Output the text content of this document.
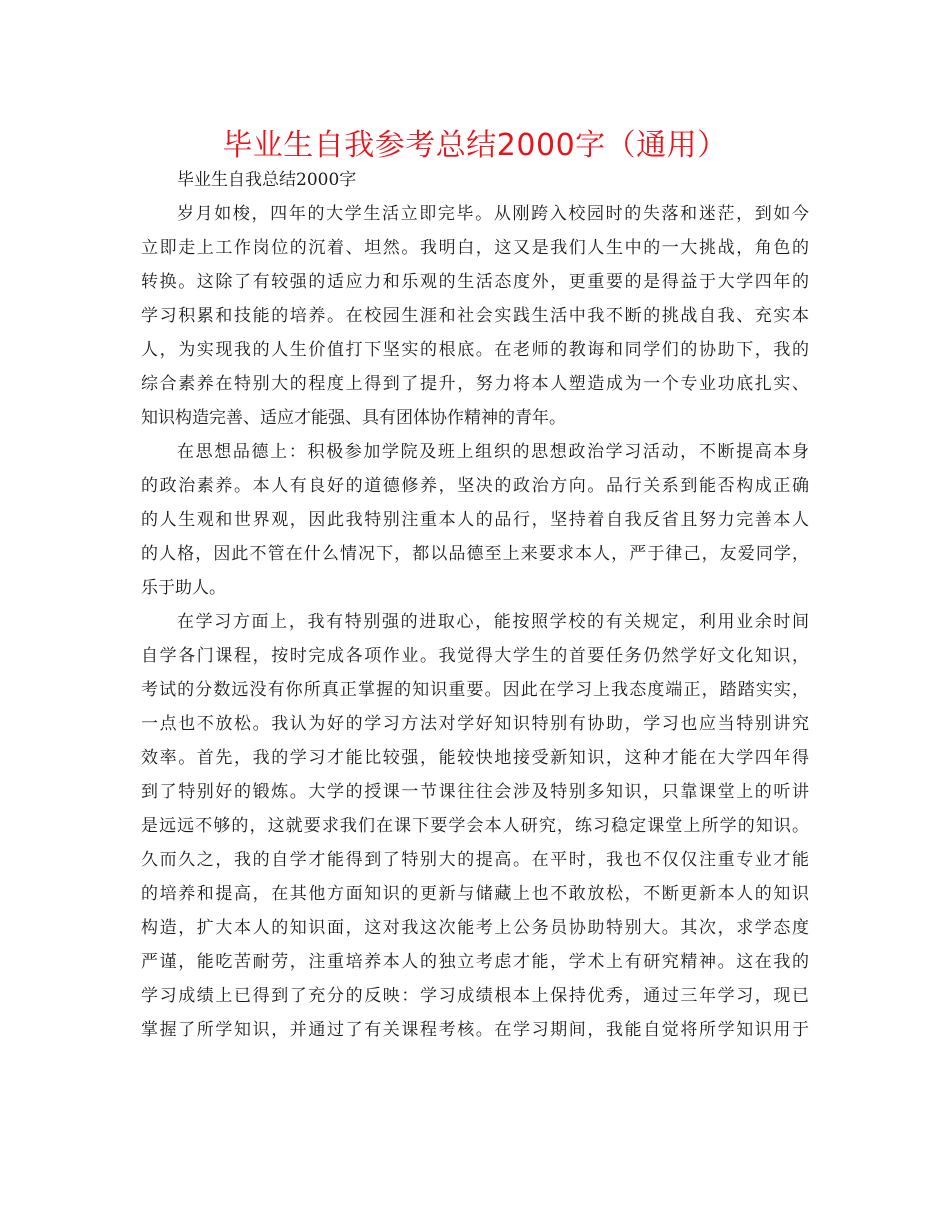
毕业生自我参考总结2000字（通用）
毕业生自我总结2000字
岁月如梭，四年的大学生活立即完毕。从刚跨入校园时的失落和迷茫，到如今
立即走上工作岗位的沉着、坦然。我明白，这又是我们人生中的一大挑战，角色的
转换。这除了有较强的适应力和乐观的生活态度外，更重要的是得益于大学四年的
学习积累和技能的培养。在校园生涯和社会实践生活中我不断的挑战自我、充实本
人，为实现我的人生价值打下坚实的根底。在老师的教诲和同学们的协助下，我的
综合素养在特别大的程度上得到了提升，努力将本人塑造成为一个专业功底扎实、
知识构造完善、适应才能强、具有团体协作精神的青年。
在思想品德上：积极参加学院及班上组织的思想政治学习活动，不断提高本身
的政治素养。本人有良好的道德修养，坚决的政治方向。品行关系到能否构成正确
的人生观和世界观，因此我特别注重本人的品行，坚持着自我反省且努力完善本人
的人格，因此不管在什么情况下，都以品德至上来要求本人，严于律己，友爱同学，
乐于助人。
在学习方面上，我有特别强的进取心，能按照学校的有关规定，利用业余时间
自学各门课程，按时完成各项作业。我觉得大学生的首要任务仍然学好文化知识，
考试的分数远没有你所真正掌握的知识重要。因此在学习上我态度端正，踏踏实实，
一点也不放松。我认为好的学习方法对学好知识特别有协助，学习也应当特别讲究
效率。首先，我的学习才能比较强，能较快地接受新知识，这种才能在大学四年得
到了特别好的锻炼。大学的授课一节课往往会涉及特别多知识，只靠课堂上的听讲
是远远不够的，这就要求我们在课下要学会本人研究，练习稳定课堂上所学的知识。
久而久之，我的自学才能得到了特别大的提高。在平时，我也不仅仅注重专业才能
的培养和提高，在其他方面知识的更新与储藏上也不敢放松，不断更新本人的知识
构造，扩大本人的知识面，这对我这次能考上公务员协助特别大。其次，求学态度
严谨，能吃苦耐劳，注重培养本人的独立考虑才能，学术上有研究精神。这在我的
学习成绩上已得到了充分的反映：学习成绩根本上保持优秀，通过三年学习，现已
掌握了所学知识，并通过了有关课程考核。在学习期间，我能自觉将所学知识用于
